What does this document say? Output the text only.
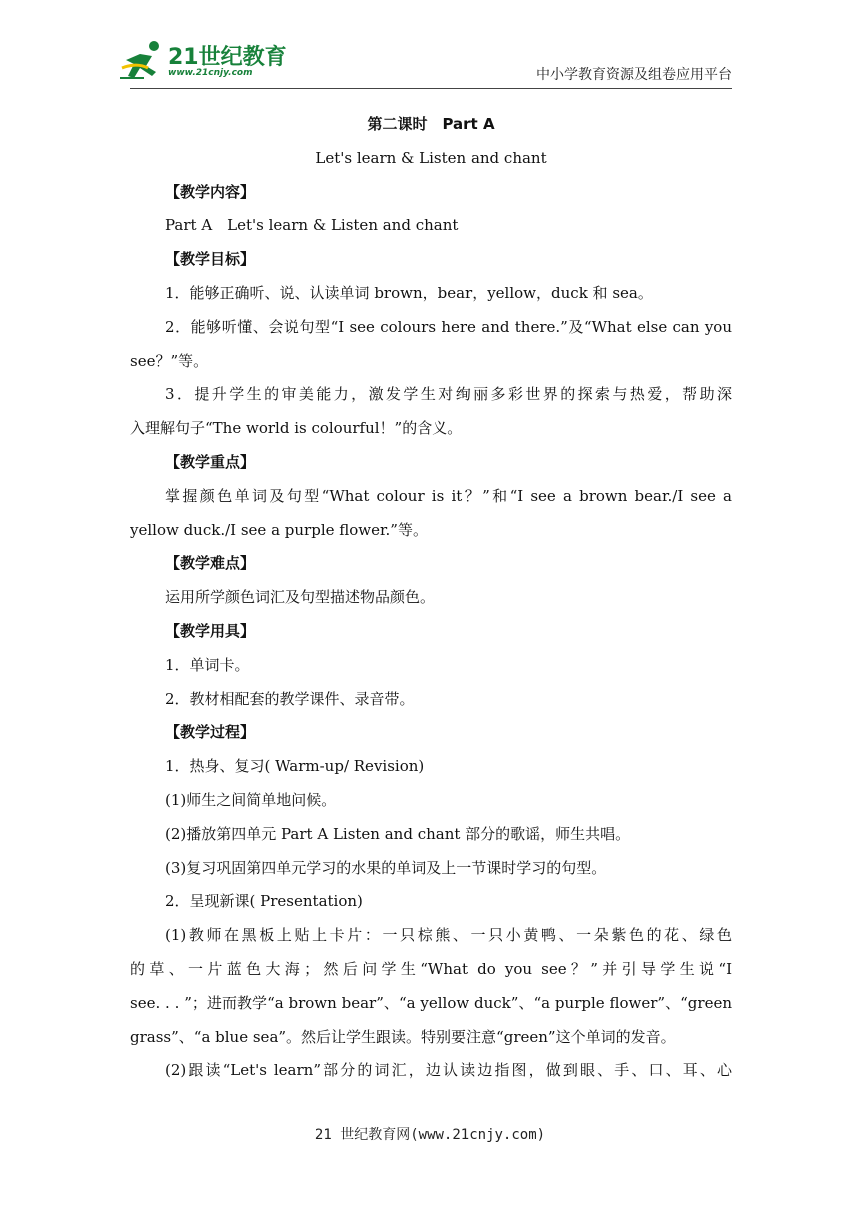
21世纪教育
www.21cnjy.com	中小学教育资源及组卷应用平台
第二课时　Part A
Let's learn & Listen and chant
【教学内容】
Part A　Let's learn & Listen and chant
【教学目标】
1．能够正确听、说、认读单词 brown，bear，yellow，duck 和 sea。
2．能够听懂、会说句型“I see colours here and there.”及“What else can you
see？”等。
3．提升学生的审美能力，激发学生对绚丽多彩世界的探索与热爱，帮助深
入理解句子“The world is colourful！”的含义。
【教学重点】
掌握颜色单词及句型“What colour is it？”和“I see a brown bear./I see a
yellow duck./I see a purple flower.”等。
【教学难点】
运用所学颜色词汇及句型描述物品颜色。
【教学用具】
1．单词卡。
2．教材相配套的教学课件、录音带。
【教学过程】
1．热身、复习( Warm-up/ Revision)
(1)师生之间简单地问候。
(2)播放第四单元 Part A Listen and chant 部分的歌谣，师生共唱。
(3)复习巩固第四单元学习的水果的单词及上一节课时学习的句型。
2．呈现新课( Presentation)
(1)教师在黑板上贴上卡片：一只棕熊、一只小黄鸭、一朵紫色的花、绿色
的草、一片蓝色大海；然后问学生“What do you see？”并引导学生说“I
see. . . ”；进而教学“a brown bear”、“a yellow duck”、“a purple flower”、“green
grass”、“a blue sea”。然后让学生跟读。特别要注意“green”这个单词的发音。
(2)跟读“Let's learn”部分的词汇，边认读边指图，做到眼、手、口、耳、心
21 世纪教育网(www.21cnjy.com)
